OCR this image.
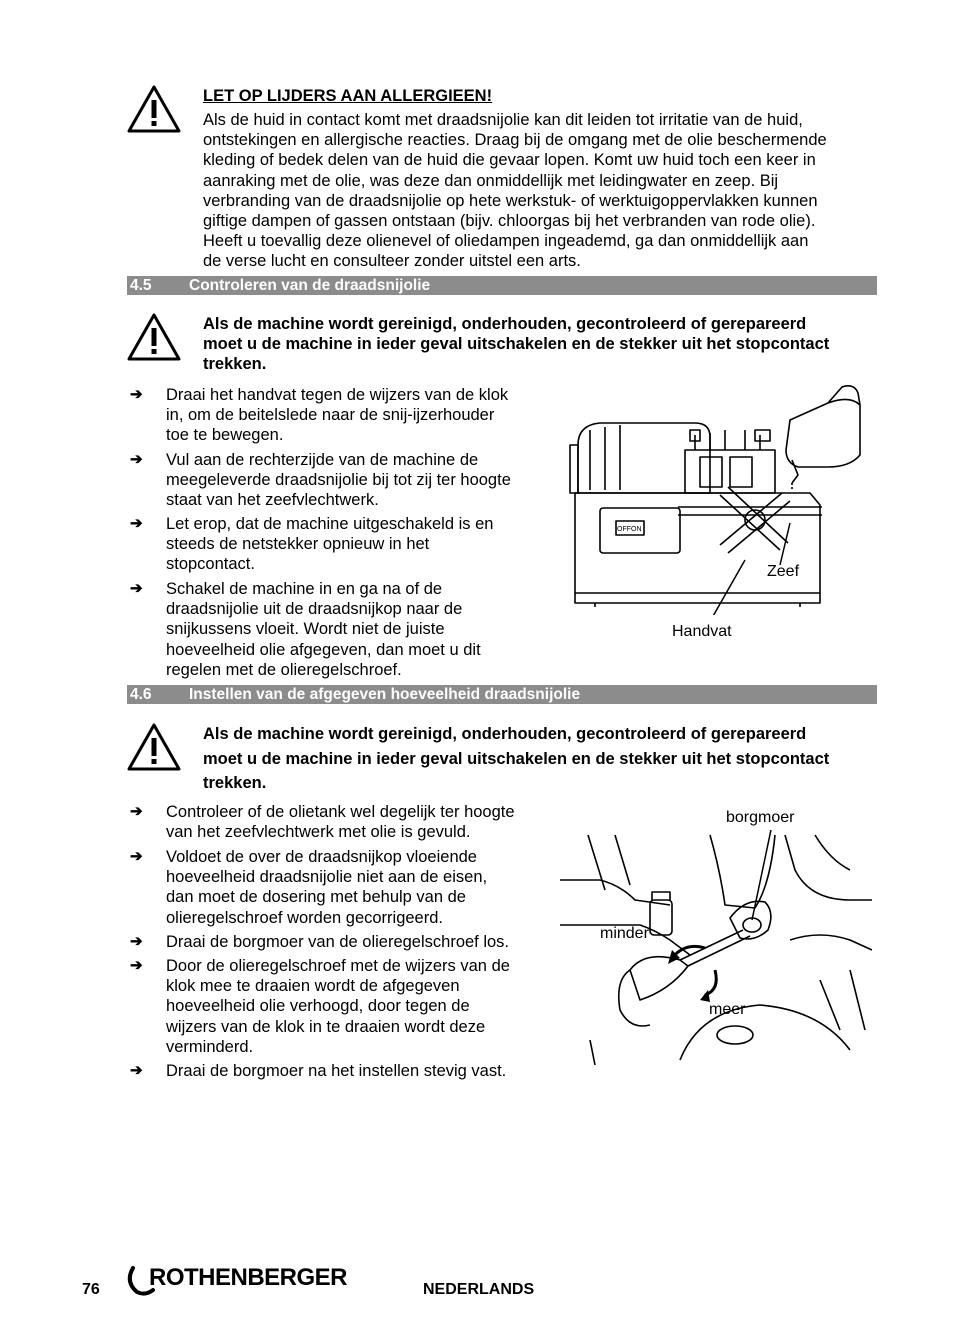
LET OP LIJDERS AAN ALLERGIEEN!
Als de huid in contact komt met draadsnijolie kan dit leiden tot irritatie van de huid,
ontstekingen en allergische reacties. Draag bij de omgang met de olie beschermende
kleding of bedek delen van de huid die gevaar lopen. Komt uw huid toch een keer in
aanraking met de olie, was deze dan onmiddellijk met leidingwater en zeep. Bij
verbranding van de draadsnijolie op hete werkstuk- of werktuigoppervlakken kunnen
giftige dampen of gassen ontstaan (bijv. chloorgas bij het verbranden van rode olie).
Heeft u toevallig deze olienevel of oliedampen ingeademd, ga dan onmiddellijk aan
de verse lucht en consulteer zonder uitstel een arts.
4.5 Controleren van de draadsnijolie
Als de machine wordt gereinigd, onderhouden, gecontroleerd of gerepareerd
moet u de machine in ieder geval uitschakelen en de stekker uit het stopcontact
trekken.
➔ Draai het handvat tegen de wijzers van de klok
in, om de beitelslede naar de snij-ijzerhouder
toe te bewegen.
➔ Vul aan de rechterzijde van de machine de
meegeleverde draadsnijolie bij tot zij ter hoogte
staat van het zeefvlechtwerk.
➔ Let erop, dat de machine uitgeschakeld is en
steeds de netstekker opnieuw in het
stopcontact.
➔ Schakel de machine in en ga na of de
draadsnijolie uit de draadsnijkop naar de
snijkussens vloeit. Wordt niet de juiste
hoeveelheid olie afgegeven, dan moet u dit
regelen met de olieregelschroef.
OFF ON
Zeef
Handvat
4.6 Instellen van de afgegeven hoeveelheid draadsnijolie
Als de machine wordt gereinigd, onderhouden, gecontroleerd of gerepareerd
moet u de machine in ieder geval uitschakelen en de stekker uit het stopcontact
trekken.
➔ Controleer of de olietank wel degelijk ter hoogte
van het zeefvlechtwerk met olie is gevuld.
➔ Voldoet de over de draadsnijkop vloeiende
hoeveelheid draadsnijolie niet aan de eisen,
dan moet de dosering met behulp van de
olieregelschroef worden gecorrigeerd.
➔ Draai de borgmoer van de olieregelschroef los.
➔ Door de olieregelschroef met de wijzers van de
klok mee te draaien wordt de afgegeven
hoeveelheid olie verhoogd, door tegen de
wijzers van de klok in te draaien wordt deze
verminderd.
➔ Draai de borgmoer na het instellen stevig vast.
borgmoer
minder
meer
76 ROTHENBERGER	NEDERLANDS
